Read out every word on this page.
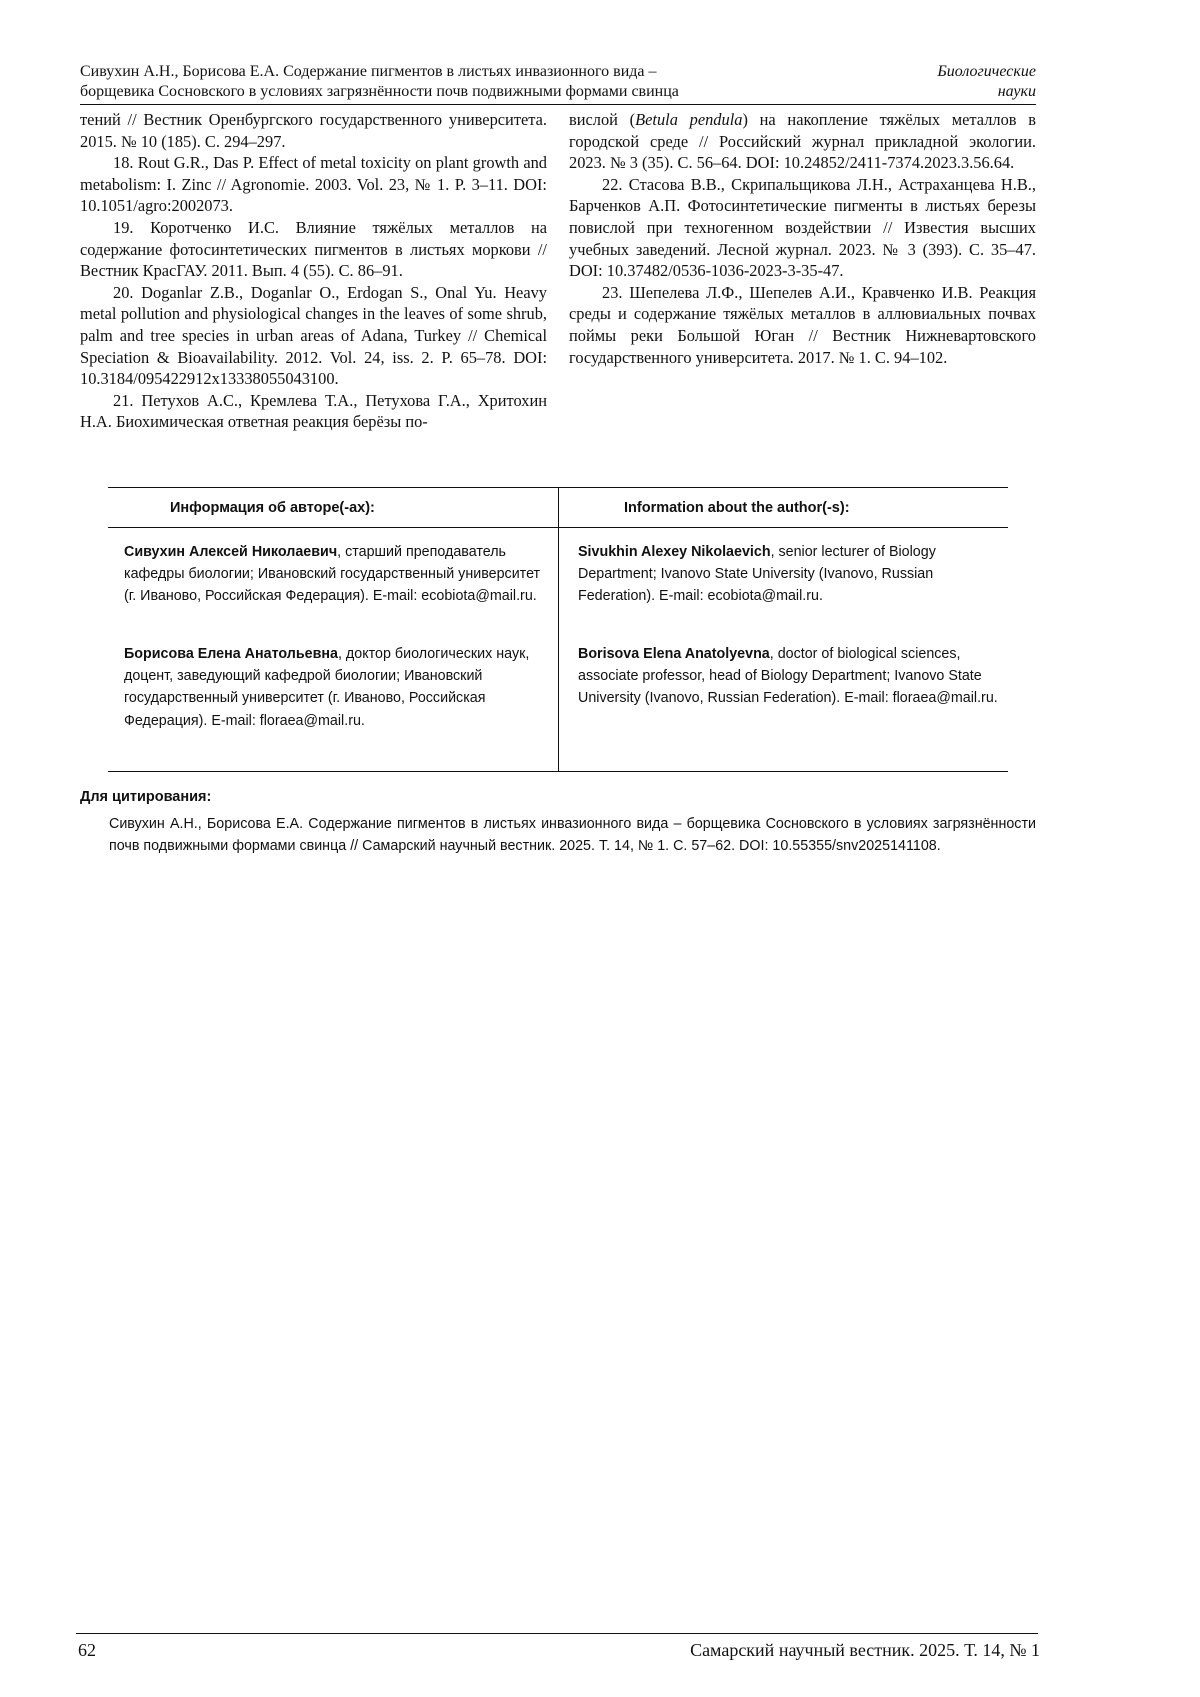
Сивухин А.Н., Борисова Е.А. Содержание пигментов в листьях инвазионного вида –
борщевика Сосновского в условиях загрязнённости почв подвижными формами свинца
Биологические
науки

тений // Вестник Оренбургского государственного университета. 2015. № 10 (185). С. 294–297.

18. Rout G.R., Das P. Effect of metal toxicity on plant growth and metabolism: I. Zinc // Agronomie. 2003. Vol. 23, № 1. P. 3–11. DOI: 10.1051/agro:2002073.

19. Коротченко И.С. Влияние тяжёлых металлов на содержание фотосинтетических пигментов в листьях моркови // Вестник КрасГАУ. 2011. Вып. 4 (55). С. 86–91.

20. Doganlar Z.B., Doganlar O., Erdogan S., Onal Yu. Heavy metal pollution and physiological changes in the leaves of some shrub, palm and tree species in urban areas of Adana, Turkey // Chemical Speciation & Bioavailability. 2012. Vol. 24, iss. 2. P. 65–78. DOI: 10.3184/095422912x13338055043100.

21. Петухов А.С., Кремлева Т.А., Петухова Г.А., Хритохин Н.А. Биохимическая ответная реакция берёзы по-

вислой (Betula pendula) на накопление тяжёлых металлов в городской среде // Российский журнал прикладной экологии. 2023. № 3 (35). С. 56–64. DOI: 10.24852/2411-7374.2023.3.56.64.

22. Стасова В.В., Скрипальщикова Л.Н., Астраханцева Н.В., Барченков А.П. Фотосинтетические пигменты в листьях березы повислой при техногенном воздействии // Известия высших учебных заведений. Лесной журнал. 2023. № 3 (393). С. 35–47. DOI: 10.37482/0536-1036-2023-3-35-47.

23. Шепелева Л.Ф., Шепелев А.И., Кравченко И.В. Реакция среды и содержание тяжёлых металлов в аллювиальных почвах поймы реки Большой Юган // Вестник Нижневартовского государственного университета. 2017. № 1. С. 94–102.

Информация об авторе(-ах):	Information about the author(-s):
Сивухин Алексей Николаевич, старший преподаватель кафедры биологии; Ивановский государственный университет (г. Иваново, Российская Федерация). E-mail: ecobiota@mail.ru.
Sivukhin Alexey Nikolaevich, senior lecturer of Biology Department; Ivanovo State University (Ivanovo, Russian Federation). E-mail: ecobiota@mail.ru.
Борисова Елена Анатольевна, доктор биологических наук, доцент, заведующий кафедрой биологии; Ивановский государственный университет (г. Иваново, Российская Федерация). E-mail: floraea@mail.ru.
Borisova Elena Anatolyevna, doctor of biological sciences, associate professor, head of Biology Department; Ivanovo State University (Ivanovo, Russian Federation). E-mail: floraea@mail.ru.
Для цитирования:
Сивухин А.Н., Борисова Е.А. Содержание пигментов в листьях инвазионного вида – борщевика Сосновского в условиях загрязнённости почв подвижными формами свинца // Самарский научный вестник. 2025. Т. 14, № 1. С. 57–62. DOI: 10.55355/snv2025141108.
62	Самарский научный вестник. 2025. Т. 14, № 1
